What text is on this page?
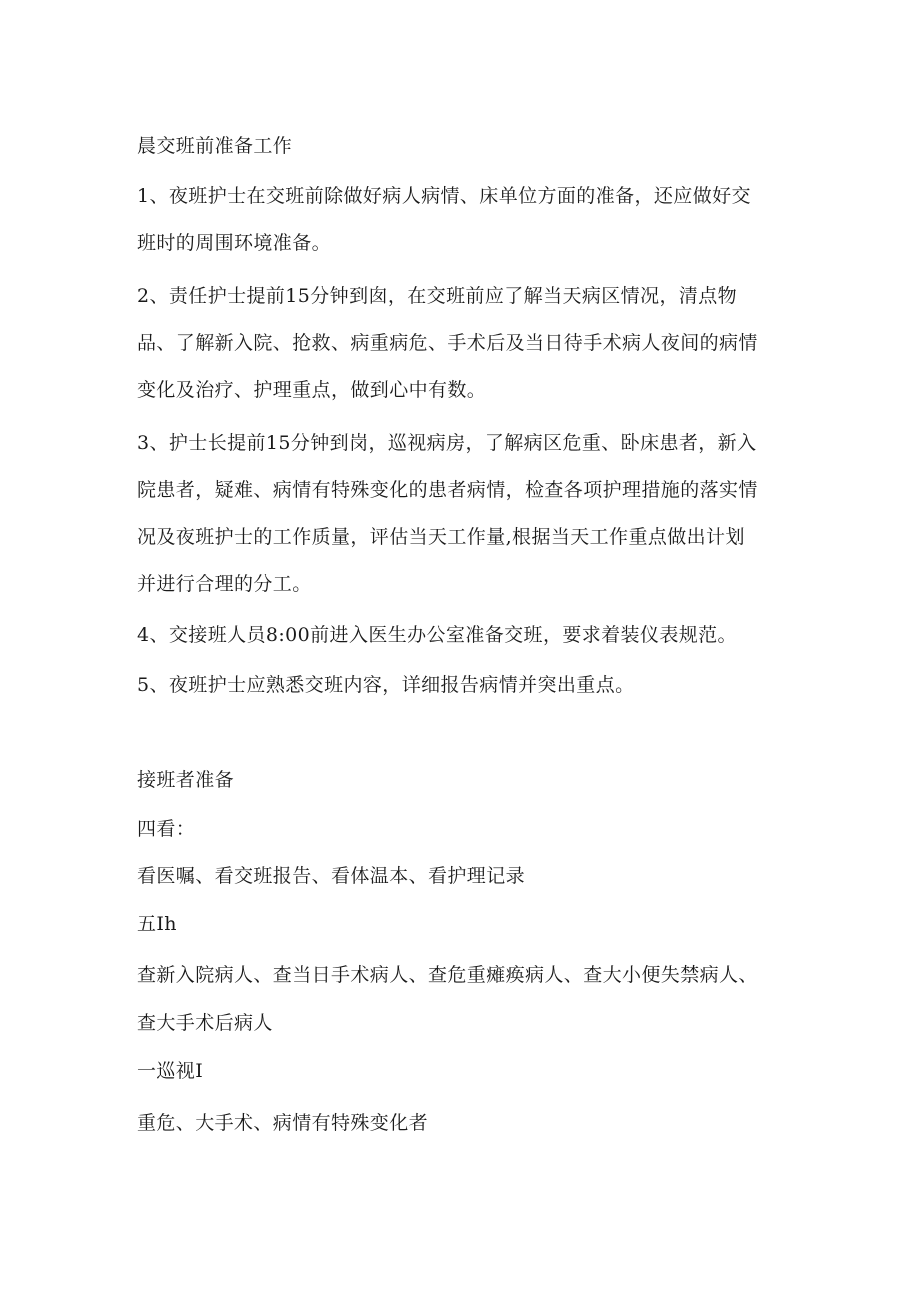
晨交班前准备工作

1、夜班护士在交班前除做好病人病情、床单位方面的准备，还应做好交

班时的周围环境准备。

2、责任护士提前15分钟到囱，在交班前应了解当天病区情况，清点物

品、了解新入院、抢救、病重病危、手术后及当日待手术病人夜间的病情

变化及治疗、护理重点，做到心中有数。

3、护士长提前15分钟到岗，巡视病房，了解病区危重、卧床患者，新入

院患者，疑难、病情有特殊变化的患者病情，检查各项护理措施的落实情

况及夜班护士的工作质量，评估当天工作量,根据当天工作重点做出计划

并进行合理的分工。

4、交接班人员8:00前进入医生办公室准备交班，要求着装仪表规范。

5、夜班护士应熟悉交班内容，详细报告病情并突出重点。

接班者准备

四看：

看医嘱、看交班报告、看体温本、看护理记录

五Ih

查新入院病人、查当日手术病人、查危重瘫痪病人、查大小便失禁病人、

查大手术后病人

一巡视I

重危、大手术、病情有特殊变化者
